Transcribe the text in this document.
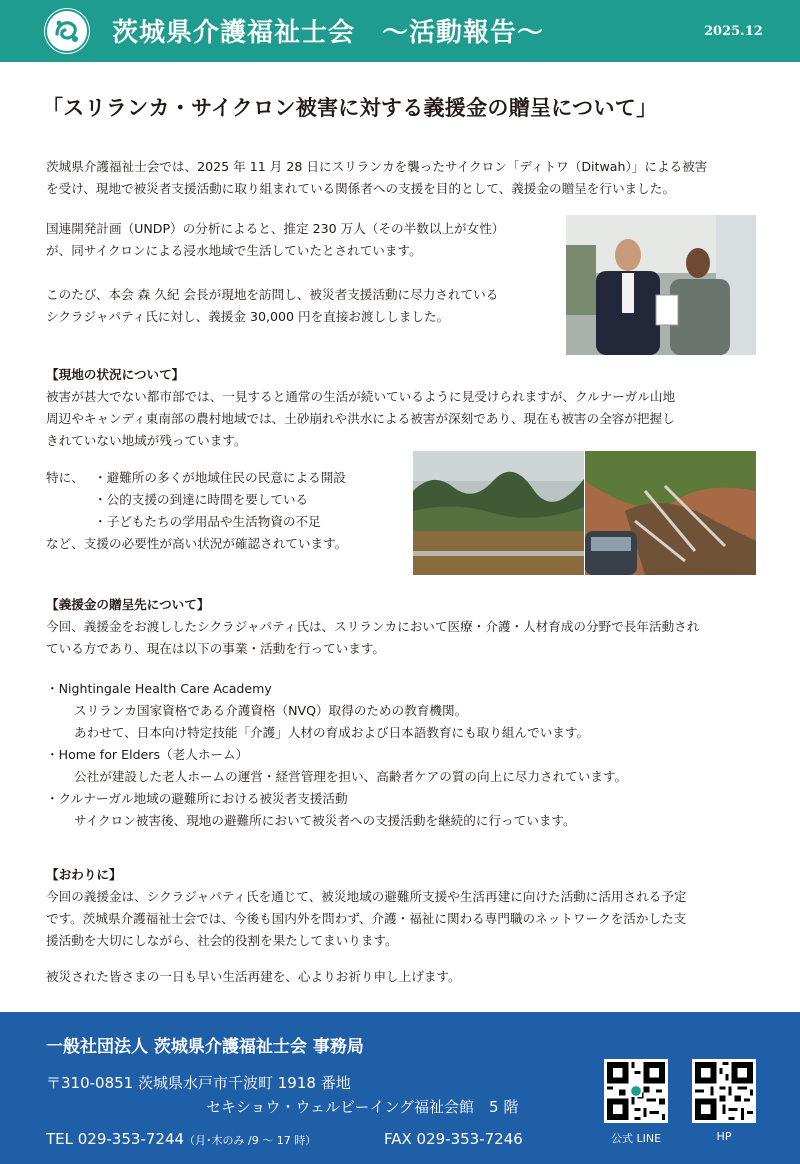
茨城県介護福祉士会　～活動報告～	2025.12
「スリランカ・サイクロン被害に対する義援金の贈呈について」

茨城県介護福祉士会では、2025 年 11 月 28 日にスリランカを襲ったサイクロン「ディトワ（Ditwah）」による被害
を受け、現地で被災者支援活動に取り組まれている関係者への支援を目的として、義援金の贈呈を行いました。

国連開発計画（UNDP）の分析によると、推定 230 万人（その半数以上が女性）
が、同サイクロンによる浸水地域で生活していたとされています。

このたび、本会 森 久紀 会長が現地を訪問し、被災者支援活動に尽力されている
シクラジャパティ氏に対し、義援金 30,000 円を直接お渡ししました。

【現地の状況について】

被害が甚大でない都市部では、一見すると通常の生活が続いているように見受けられますが、クルナーガル山地
周辺やキャンディ東南部の農村地域では、土砂崩れや洪水による被害が深刻であり、現在も被害の全容が把握し
きれていない地域が残っています。

特に、 ・避難所の多くが地域住民の民意による開設
・公的支援の到達に時間を要している
・子どもたちの学用品や生活物資の不足
など、支援の必要性が高い状況が確認されています。
【義援金の贈呈先について】

今回、義援金をお渡ししたシクラジャパティ氏は、スリランカにおいて医療・介護・人材育成の分野で長年活動され
ている方であり、現在は以下の事業・活動を行っています。

・Nightingale Health Care Academy
スリランカ国家資格である介護資格（NVQ）取得のための教育機関。
あわせて、日本向け特定技能「介護」人材の育成および日本語教育にも取り組んでいます。
・Home for Elders（老人ホーム）
公社が建設した老人ホームの運営・経営管理を担い、高齢者ケアの質の向上に尽力されています。
・クルナーガル地域の避難所における被災者支援活動
サイクロン被害後、現地の避難所において被災者への支援活動を継続的に行っています。
【おわりに】

今回の義援金は、シクラジャパティ氏を通じて、被災地域の避難所支援や生活再建に向けた活動に活用される予定
です。茨城県介護福祉士会では、今後も国内外を問わず、介護・福祉に関わる専門職のネットワークを活かした支
援活動を大切にしながら、社会的役割を果たしてまいります。

被災された皆さまの一日も早い生活再建を、心よりお祈り申し上げます。

一般社団法人 茨城県介護福祉士会 事務局
〒310-0851 茨城県水戸市千波町 1918 番地
セキショウ・ウェルビーイング福祉会館　5 階
TEL 029-353-7244（月･木のみ /9 ～ 17 時）	FAX 029-353-7246	公式 LINE	HP
